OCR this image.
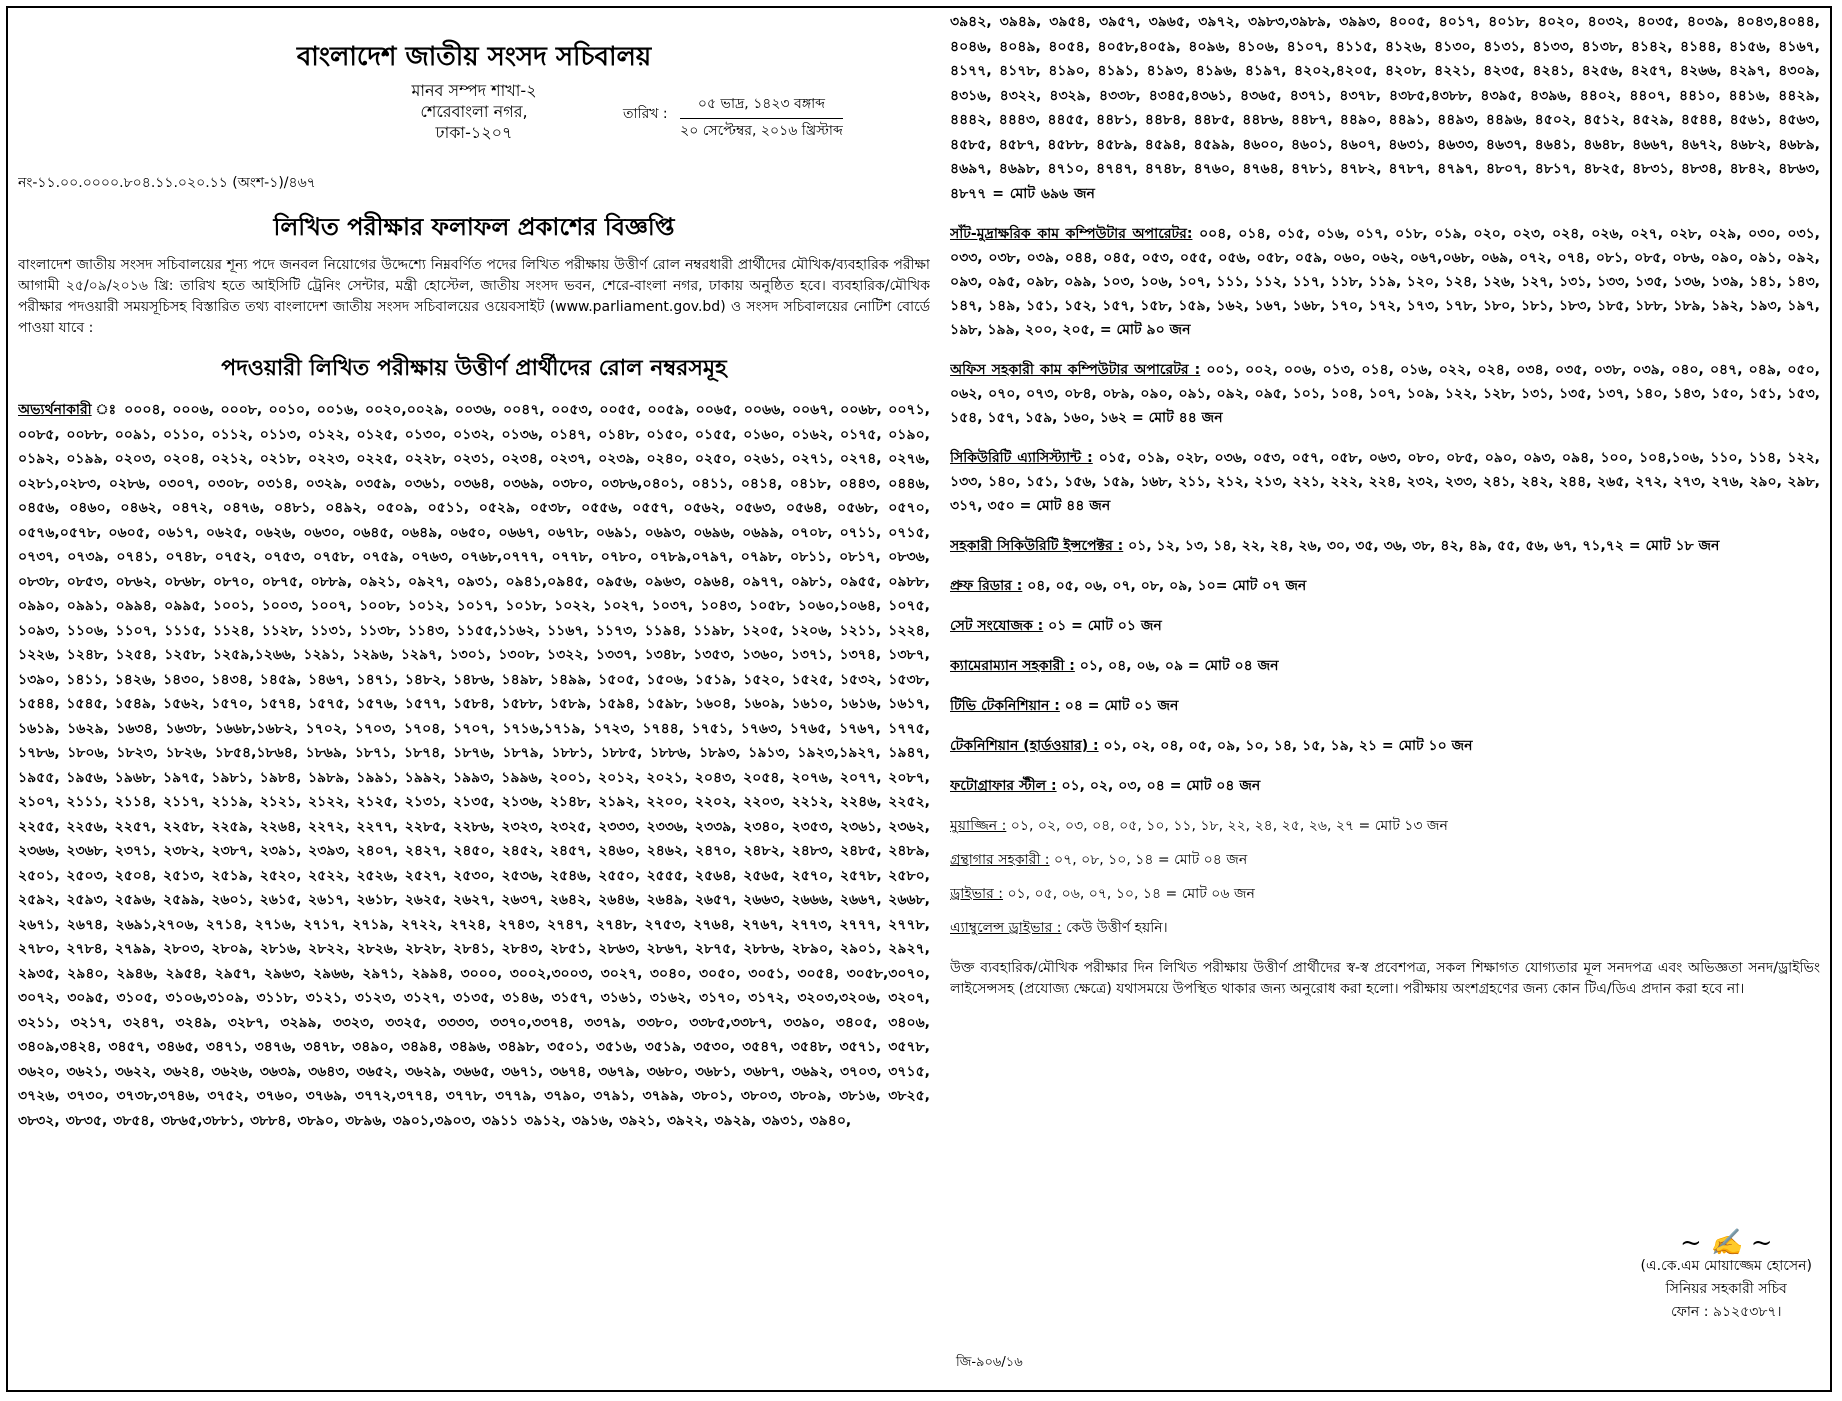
বাংলাদেশ জাতীয় সংসদ সচিবালয়
মানব সম্পদ শাখা-২
শেরেবাংলা নগর,
ঢাকা-১২০৭
তারিখ :
০৫ ভাদ্র, ১৪২৩ বঙ্গাব্দ
২০ সেপ্টেম্বর, ২০১৬ খ্রিস্টাব্দ
নং-১১.০০.০০০০.৮০৪.১১.০২০.১১ (অংশ-১)/৪৬৭
লিখিত পরীক্ষার ফলাফল প্রকাশের বিজ্ঞপ্তি
বাংলাদেশ জাতীয় সংসদ সচিবালয়ের শূন্য পদে জনবল নিয়োগের উদ্দেশ্যে নিম্নবর্ণিত পদের লিখিত পরীক্ষায় উত্তীর্ণ রোল নম্বরধারী প্রার্থীদের মৌখিক/ব্যবহারিক পরীক্ষা আগামী ২৫/০৯/২০১৬ খ্রি: তারিখ হতে আইসিটি ট্রেনিং সেন্টার, মন্ত্রী হোস্টেল, জাতীয় সংসদ ভবন, শেরে-বাংলা নগর, ঢাকায় অনুষ্ঠিত হবে। ব্যবহারিক/মৌখিক পরীক্ষার পদওয়ারী সময়সূচিসহ বিস্তারিত তথ্য বাংলাদেশ জাতীয় সংসদ সচিবালয়ের ওয়েবসাইট (www.parliament.gov.bd) ও সংসদ সচিবালয়ের নোটিশ বোর্ডে পাওয়া যাবে :
পদওয়ারী লিখিত পরীক্ষায় উত্তীর্ণ প্রার্থীদের রোল নম্বরসমূহ
অভ্যর্থনাকারী ঃ ০০০৪, ০০০৬, ০০০৮, ০০১০, ০০১৬, ০০২০,০০২৯, ০০৩৬, ০০৪৭, ০০৫৩, ০০৫৫, ০০৫৯, ০০৬৫, ০০৬৬, ০০৬৭, ০০৬৮, ০০৭১, ০০৮৫, ০০৮৮, ০০৯১, ০১১০, ০১১২, ০১১৩, ০১২২, ০১২৫, ০১৩০, ০১৩২, ০১৩৬, ০১৪৭, ০১৪৮, ০১৫০, ০১৫৫, ০১৬০, ০১৬২, ০১৭৫, ০১৯০, ০১৯২, ০১৯৯, ০২০৩, ০২০৪, ০২১২, ০২১৮, ০২২৩, ০২২৫, ০২২৮, ০২৩১, ০২৩৪, ০২৩৭, ০২৩৯, ০২৪০, ০২৫০, ০২৬১, ০২৭১, ০২৭৪, ০২৭৬, ০২৮১,০২৮৩, ০২৮৬, ০৩০৭, ০৩০৮, ০৩১৪, ০৩২৯, ০৩৫৯, ০৩৬১, ০৩৬৪, ০৩৬৯, ০৩৮০, ০৩৮৬,০৪০১, ০৪১১, ০৪১৪, ০৪১৮, ০৪৪৩, ০৪৪৬, ০৪৫৬, ০৪৬০, ০৪৬২, ০৪৭২, ০৪৭৬, ০৪৮১, ০৪৯২, ০৫০৯, ০৫১১, ০৫২৯, ০৫৩৮, ০৫৫৬, ০৫৫৭, ০৫৬২, ০৫৬৩, ০৫৬৪, ০৫৬৮, ০৫৭০, ০৫৭৬,০৫৭৮, ০৬০৫, ০৬১৭, ০৬২৫, ০৬২৬, ০৬৩০, ০৬৪৫, ০৬৪৯, ০৬৫০, ০৬৬৭, ০৬৭৮, ০৬৯১, ০৬৯৩, ০৬৯৬, ০৬৯৯, ০৭০৮, ০৭১১, ০৭১৫, ০৭৩৭, ০৭৩৯, ০৭৪১, ০৭৪৮, ০৭৫২, ০৭৫৩, ০৭৫৮, ০৭৫৯, ০৭৬৩, ০৭৬৮,০৭৭৭, ০৭৭৮, ০৭৮০, ০৭৮৯,০৭৯৭, ০৭৯৮, ০৮১১, ০৮১৭, ০৮৩৬, ০৮৩৮, ০৮৫৩, ০৮৬২, ০৮৬৮, ০৮৭০, ০৮৭৫, ০৮৮৯, ০৯২১, ০৯২৭, ০৯৩১, ০৯৪১,০৯৪৫, ০৯৫৬, ০৯৬৩, ০৯৬৪, ০৯৭৭, ০৯৮১, ০৯৫৫, ০৯৮৮, ০৯৯০, ০৯৯১, ০৯৯৪, ০৯৯৫, ১০০১, ১০০৩, ১০০৭, ১০০৮, ১০১২, ১০১৭, ১০১৮, ১০২২, ১০২৭, ১০৩৭, ১০৪৩, ১০৫৮, ১০৬০,১০৬৪, ১০৭৫, ১০৯৩, ১১০৬, ১১০৭, ১১১৫, ১১২৪, ১১২৮, ১১৩১, ১১৩৮, ১১৪৩, ১১৫৫,১১৬২, ১১৬৭, ১১৭৩, ১১৯৪, ১১৯৮, ১২০৫, ১২০৬, ১২১১, ১২২৪, ১২২৬, ১২৪৮, ১২৫৪, ১২৫৮, ১২৫৯,১২৬৬, ১২৯১, ১২৯৬, ১২৯৭, ১৩০১, ১৩০৮, ১৩২২, ১৩৩৭, ১৩৪৮, ১৩৫৩, ১৩৬০, ১৩৭১, ১৩৭৪, ১৩৮৭, ১৩৯০, ১৪১১, ১৪২৬, ১৪৩০, ১৪৩৪, ১৪৫৯, ১৪৬৭, ১৪৭১, ১৪৮২, ১৪৮৬, ১৪৯৮, ১৪৯৯, ১৫০৫, ১৫০৬, ১৫১৯, ১৫২০, ১৫২৫, ১৫৩২, ১৫৩৮, ১৫৪৪, ১৫৪৫, ১৫৪৯, ১৫৬২, ১৫৭০, ১৫৭৪, ১৫৭৫, ১৫৭৬, ১৫৭৭, ১৫৮৪, ১৫৮৮, ১৫৮৯, ১৫৯৪, ১৫৯৮, ১৬০৪, ১৬০৯, ১৬১০, ১৬১৬, ১৬১৭, ১৬১৯, ১৬২৯, ১৬৩৪, ১৬৩৮, ১৬৬৮,১৬৮২, ১৭০২, ১৭০৩, ১৭০৪, ১৭০৭, ১৭১৬,১৭১৯, ১৭২৩, ১৭৪৪, ১৭৫১, ১৭৬৩, ১৭৬৫, ১৭৬৭, ১৭৭৫, ১৭৮৬, ১৮০৬, ১৮২৩, ১৮২৬, ১৮৫৪,১৮৬৪, ১৮৬৯, ১৮৭১, ১৮৭৪, ১৮৭৬, ১৮৭৯, ১৮৮১, ১৮৮৫, ১৮৮৬, ১৮৯৩, ১৯১৩, ১৯২৩,১৯২৭, ১৯৪৭, ১৯৫৫, ১৯৫৬, ১৯৬৮, ১৯৭৫, ১৯৮১, ১৯৮৪, ১৯৮৯, ১৯৯১, ১৯৯২, ১৯৯৩, ১৯৯৬, ২০০১, ২০১২, ২০২১, ২০৪৩, ২০৫৪, ২০৭৬, ২০৭৭, ২০৮৭, ২১০৭, ২১১১, ২১১৪, ২১১৭, ২১১৯, ২১২১, ২১২২, ২১২৫, ২১৩১, ২১৩৫, ২১৩৬, ২১৪৮, ২১৯২, ২২০০, ২২০২, ২২০৩, ২২১২, ২২৪৬, ২২৫২, ২২৫৫, ২২৫৬, ২২৫৭, ২২৫৮, ২২৫৯, ২২৬৪, ২২৭২, ২২৭৭, ২২৮৫, ২২৮৬, ২৩২৩, ২৩২৫, ২৩৩৩, ২৩৩৬, ২৩৩৯, ২৩৪০, ২৩৫৩, ২৩৬১, ২৩৬২, ২৩৬৬, ২৩৬৮, ২৩৭১, ২৩৮২, ২৩৮৭, ২৩৯১, ২৩৯৩, ২৪০৭, ২৪২৭, ২৪৫০, ২৪৫২, ২৪৫৭, ২৪৬০, ২৪৬২, ২৪৭০, ২৪৮২, ২৪৮৩, ২৪৮৫, ২৪৮৯, ২৫০১, ২৫০৩, ২৫০৪, ২৫১৩, ২৫১৯, ২৫২০, ২৫২২, ২৫২৬, ২৫২৭, ২৫৩০, ২৫৩৬, ২৫৪৬, ২৫৫০, ২৫৫৫, ২৫৬৪, ২৫৬৫, ২৫৭০, ২৫৭৮, ২৫৮০, ২৫৯২, ২৫৯৩, ২৫৯৬, ২৫৯৯, ২৬০১, ২৬১৫, ২৬১৭, ২৬১৮, ২৬২৫, ২৬২৭, ২৬৩৭, ২৬৪২, ২৬৪৬, ২৬৪৯, ২৬৫৭, ২৬৬৩, ২৬৬৬, ২৬৬৭, ২৬৬৮, ২৬৭১, ২৬৭৪, ২৬৯১,২৭০৬, ২৭১৪, ২৭১৬, ২৭১৭, ২৭১৯, ২৭২২, ২৭২৪, ২৭৪৩, ২৭৪৭, ২৭৪৮, ২৭৫৩, ২৭৬৪, ২৭৬৭, ২৭৭৩, ২৭৭৭, ২৭৭৮, ২৭৮০, ২৭৮৪, ২৭৯৯, ২৮০৩, ২৮০৯, ২৮১৬, ২৮২২, ২৮২৬, ২৮২৮, ২৮৪১, ২৮৪৩, ২৮৫১, ২৮৬৩, ২৮৬৭, ২৮৭৫, ২৮৮৬, ২৮৯০, ২৯০১, ২৯২৭, ২৯৩৫, ২৯৪০, ২৯৪৬, ২৯৫৪, ২৯৫৭, ২৯৬৩, ২৯৬৬, ২৯৭১, ২৯৯৪, ৩০০০, ৩০০২,৩০০৩, ৩০২৭, ৩০৪০, ৩০৫০, ৩০৫১, ৩০৫৪, ৩০৫৮,৩০৭০, ৩০৭২, ৩০৯৫, ৩১০৫, ৩১০৬,৩১০৯, ৩১১৮, ৩১২১, ৩১২৩, ৩১২৭, ৩১৩৫, ৩১৪৬, ৩১৫৭, ৩১৬১, ৩১৬২, ৩১৭০, ৩১৭২, ৩২০৩,৩২০৬, ৩২০৭, ৩২১১, ৩২১৭, ৩২৪৭, ৩২৪৯, ৩২৮৭, ৩২৯৯, ৩৩২৩, ৩৩২৫, ৩৩৩৩, ৩৩৭০,৩৩৭৪, ৩৩৭৯, ৩৩৮০, ৩৩৮৫,৩৩৮৭, ৩৩৯০, ৩৪০৫, ৩৪০৬, ৩৪০৯,৩৪২৪, ৩৪৫৭, ৩৪৬৫, ৩৪৭১, ৩৪৭৬, ৩৪৭৮, ৩৪৯০, ৩৪৯৪, ৩৪৯৬, ৩৪৯৮, ৩৫০১, ৩৫১৬, ৩৫১৯, ৩৫৩০, ৩৫৪৭, ৩৫৪৮, ৩৫৭১, ৩৫৭৮, ৩৬২০, ৩৬২১, ৩৬২২, ৩৬২৪, ৩৬২৬, ৩৬৩৯, ৩৬৪৩, ৩৬৫২, ৩৬২৯, ৩৬৬৫, ৩৬৭১, ৩৬৭৪, ৩৬৭৯, ৩৬৮০, ৩৬৮১, ৩৬৮৭, ৩৬৯২, ৩৭০৩, ৩৭১৫, ৩৭২৬, ৩৭৩০, ৩৭৩৮,৩৭৪৬, ৩৭৫২, ৩৭৬০, ৩৭৬৯, ৩৭৭২,৩৭৭৪, ৩৭৭৮, ৩৭৭৯, ৩৭৯০, ৩৭৯১, ৩৭৯৯, ৩৮০১, ৩৮০৩, ৩৮০৯, ৩৮১৬, ৩৮২৫, ৩৮৩২, ৩৮৩৫, ৩৮৫৪, ৩৮৬৫,৩৮৮১, ৩৮৮৪, ৩৮৯০, ৩৮৯৬, ৩৯০১,৩৯০৩, ৩৯১১ ৩৯১২, ৩৯১৬, ৩৯২১, ৩৯২২, ৩৯২৯, ৩৯৩১, ৩৯৪০,
৩৯৪২, ৩৯৪৯, ৩৯৫৪, ৩৯৫৭, ৩৯৬৫, ৩৯৭২, ৩৯৮৩,৩৯৮৯, ৩৯৯৩, ৪০০৫, ৪০১৭, ৪০১৮, ৪০২০, ৪০৩২, ৪০৩৫, ৪০৩৯, ৪০৪৩,৪০৪৪, ৪০৪৬, ৪০৪৯, ৪০৫৪, ৪০৫৮,৪০৫৯, ৪০৯৬, ৪১০৬, ৪১০৭, ৪১১৫, ৪১২৬, ৪১৩০, ৪১৩১, ৪১৩৩, ৪১৩৮, ৪১৪২, ৪১৪৪, ৪১৫৬, ৪১৬৭, ৪১৭৭, ৪১৭৮, ৪১৯০, ৪১৯১, ৪১৯৩, ৪১৯৬, ৪১৯৭, ৪২০২,৪২০৫, ৪২০৮, ৪২২১, ৪২৩৫, ৪২৪১, ৪২৫৬, ৪২৫৭, ৪২৬৬, ৪২৯৭, ৪৩০৯, ৪৩১৬, ৪৩২২, ৪৩২৯, ৪৩৩৮, ৪৩৪৫,৪৩৬১, ৪৩৬৫, ৪৩৭১, ৪৩৭৮, ৪৩৮৫,৪৩৮৮, ৪৩৯৫, ৪৩৯৬, ৪৪০২, ৪৪০৭, ৪৪১০, ৪৪১৬, ৪৪২৯, ৪৪৪২, ৪৪৪৩, ৪৪৫৫, ৪৪৮১, ৪৪৮৪, ৪৪৮৫, ৪৪৮৬, ৪৪৮৭, ৪৪৯০, ৪৪৯১, ৪৪৯৩, ৪৪৯৬, ৪৫০২, ৪৫১২, ৪৫২৯, ৪৫৪৪, ৪৫৬১, ৪৫৬৩, ৪৫৮৫, ৪৫৮৭, ৪৫৮৮, ৪৫৮৯, ৪৫৯৪, ৪৫৯৯, ৪৬০০, ৪৬০১, ৪৬০৭, ৪৬৩১, ৪৬৩৩, ৪৬৩৭, ৪৬৪১, ৪৬৪৮, ৪৬৬৭, ৪৬৭২, ৪৬৮২, ৪৬৮৯, ৪৬৯৭, ৪৬৯৮, ৪৭১০, ৪৭৪৭, ৪৭৪৮, ৪৭৬০, ৪৭৬৪, ৪৭৮১, ৪৭৮২, ৪৭৮৭, ৪৭৯৭, ৪৮০৭, ৪৮১৭, ৪৮২৫, ৪৮৩১, ৪৮৩৪, ৪৮৪২, ৪৮৬৩, ৪৮৭৭ = মোট ৬৯৬ জন
সাঁট-মুদ্রাক্ষরিক কাম কম্পিউটার অপারেটর: ০০৪, ০১৪, ০১৫, ০১৬, ০১৭, ০১৮, ০১৯, ০২০, ০২৩, ০২৪, ০২৬, ০২৭, ০২৮, ০২৯, ০৩০, ০৩১, ০৩৩, ০৩৮, ০৩৯, ০৪৪, ০৪৫, ০৫৩, ০৫৫, ০৫৬, ০৫৮, ০৫৯, ০৬০, ০৬২, ০৬৭,০৬৮, ০৬৯, ০৭২, ০৭৪, ০৮১, ০৮৫, ০৮৬, ০৯০, ০৯১, ০৯২, ০৯৩, ০৯৫, ০৯৮, ০৯৯, ১০৩, ১০৬, ১০৭, ১১১, ১১২, ১১৭, ১১৮, ১১৯, ১২০, ১২৪, ১২৬, ১২৭, ১৩১, ১৩৩, ১৩৫, ১৩৬, ১৩৯, ১৪১, ১৪৩, ১৪৭, ১৪৯, ১৫১, ১৫২, ১৫৭, ১৫৮, ১৫৯, ১৬২, ১৬৭, ১৬৮, ১৭০, ১৭২, ১৭৩, ১৭৮, ১৮০, ১৮১, ১৮৩, ১৮৫, ১৮৮, ১৮৯, ১৯২, ১৯৩, ১৯৭, ১৯৮, ১৯৯, ২০০, ২০৫, = মোট ৯০ জন
অফিস সহকারী কাম কম্পিউটার অপারেটর : ০০১, ০০২, ০০৬, ০১৩, ০১৪, ০১৬, ০২২, ০২৪, ০৩৪, ০৩৫, ০৩৮, ০৩৯, ০৪০, ০৪৭, ০৪৯, ০৫০, ০৬২, ০৭০, ০৭৩, ০৮৪, ০৮৯, ০৯০, ০৯১, ০৯২, ০৯৫, ১০১, ১০৪, ১০৭, ১০৯, ১২২, ১২৮, ১৩১, ১৩৫, ১৩৭, ১৪০, ১৪৩, ১৫০, ১৫১, ১৫৩, ১৫৪, ১৫৭, ১৫৯, ১৬০, ১৬২ = মোট ৪৪ জন
সিকিউরিটি এ্যাসিস্ট্যান্ট : ০১৫, ০১৯, ০২৮, ০৩৬, ০৫৩, ০৫৭, ০৫৮, ০৬৩, ০৮০, ০৮৫, ০৯০, ০৯৩, ০৯৪, ১০০, ১০৪,১০৬, ১১০, ১১৪, ১২২, ১৩৩, ১৪০, ১৫১, ১৫৬, ১৫৯, ১৬৮, ২১১, ২১২, ২১৩, ২২১, ২২২, ২২৪, ২৩২, ২৩৩, ২৪১, ২৪২, ২৪৪, ২৬৫, ২৭২, ২৭৩, ২৭৬, ২৯০, ২৯৮, ৩১৭, ৩৫০ = মোট ৪৪ জন
সহকারী সিকিউরিটি ইন্সপেক্টর : ০১, ১২, ১৩, ১৪, ২২, ২৪, ২৬, ৩০, ৩৫, ৩৬, ৩৮, ৪২, ৪৯, ৫৫, ৫৬, ৬৭, ৭১,৭২ = মোট ১৮ জন
প্রুফ রিডার : ০৪, ০৫, ০৬, ০৭, ০৮, ০৯, ১০= মোট ০৭ জন
সেট সংযোজক : ০১ = মোট ০১ জন
ক্যামেরাম্যান সহকারী : ০১, ০৪, ০৬, ০৯ = মোট ০৪ জন
টিভি টেকনিশিয়ান : ০৪ = মোট ০১ জন
টেকনিশিয়ান (হার্ডওয়ার) : ০১, ০২, ০৪, ০৫, ০৯, ১০, ১৪, ১৫, ১৯, ২১ = মোট ১০ জন
ফটোগ্রাফার স্টীল : ০১, ০২, ০৩, ০৪ = মোট ০৪ জন
মুয়াজ্জিন : ০১, ০২, ০৩, ০৪, ০৫, ১০, ১১, ১৮, ২২, ২৪, ২৫, ২৬, ২৭ = মোট ১৩ জন
গ্রন্থাগার সহকারী : ০৭, ০৮, ১০, ১৪ = মোট ০৪ জন
ড্রাইভার : ০১, ০৫, ০৬, ০৭, ১০, ১৪ = মোট ০৬ জন
এ্যাম্বুলেন্স ড্রাইভার : কেউ উত্তীর্ণ হয়নি।
উক্ত ব্যবহারিক/মৌখিক পরীক্ষার দিন লিখিত পরীক্ষায় উত্তীর্ণ প্রার্থীদের স্ব-স্ব প্রবেশপত্র, সকল শিক্ষাগত যোগ্যতার মূল সনদপত্র এবং অভিজ্ঞতা সনদ/ড্রাইভিং লাইসেন্সসহ (প্রযোজ্য ক্ষেত্রে) যথাসময়ে উপস্থিত থাকার জন্য অনুরোধ করা হলো। পরীক্ষায় অংশগ্রহণের জন্য কোন টিএ/ডিএ প্রদান করা হবে না।
জি-৯০৬/১৬
~ ✍ ~
(এ.কে.এম মোয়াজ্জেম হোসেন)
সিনিয়র সহকারী সচিব
ফোন : ৯১২৫৩৮৭।
